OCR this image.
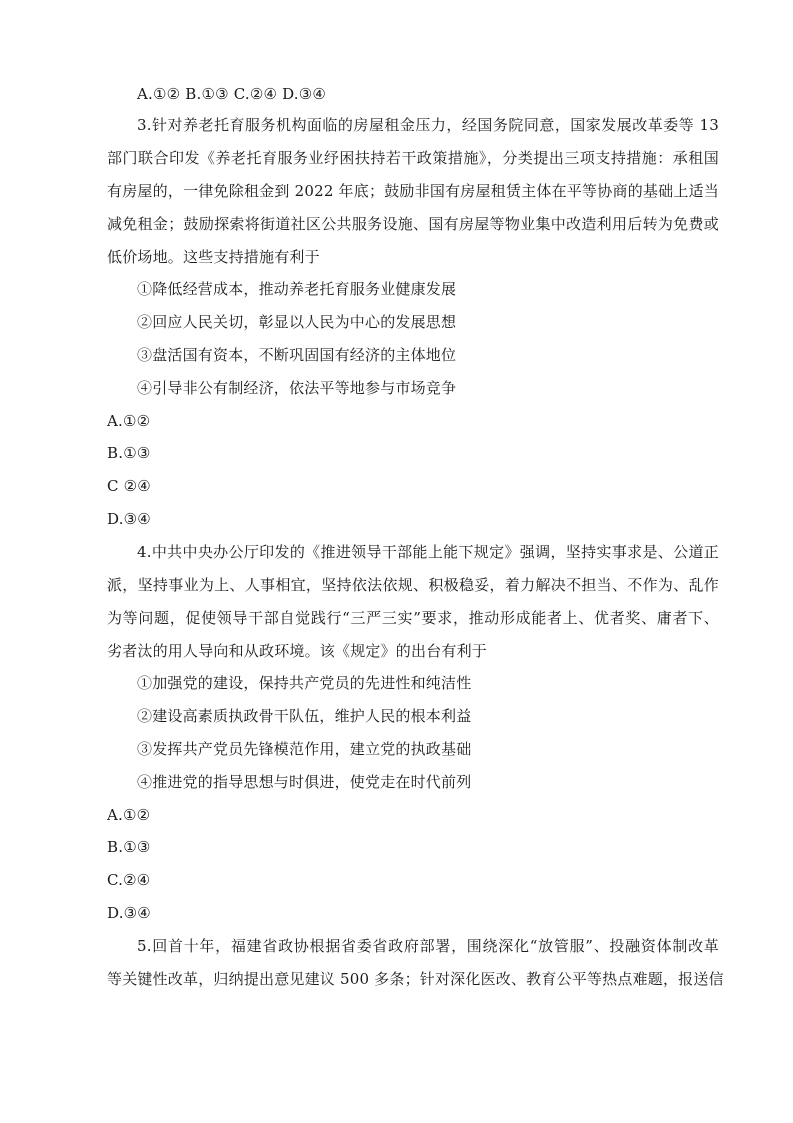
A.①② B.①③ C.②④ D.③④
3.针对养老托育服务机构面临的房屋租金压力，经国务院同意，国家发展改革委等 13
部门联合印发《养老托育服务业纾困扶持若干政策措施》，分类提出三项支持措施：承租国
有房屋的，一律免除租金到 2022 年底；鼓励非国有房屋租赁主体在平等协商的基础上适当
减免租金；鼓励探索将街道社区公共服务设施、国有房屋等物业集中改造利用后转为免费或
低价场地。这些支持措施有利于
①降低经营成本，推动养老托育服务业健康发展
②回应人民关切，彰显以人民为中心的发展思想
③盘活国有资本，不断巩固国有经济的主体地位
④引导非公有制经济，依法平等地参与市场竞争
A.①②
B.①③
C ②④
D.③④
4.中共中央办公厅印发的《推进领导干部能上能下规定》强调，坚持实事求是、公道正
派，坚持事业为上、人事相宜，坚持依法依规、积极稳妥，着力解决不担当、不作为、乱作
为等问题，促使领导干部自觉践行“三严三实”要求，推动形成能者上、优者奖、庸者下、
劣者汰的用人导向和从政环境。该《规定》的出台有利于
①加强党的建设，保持共产党员的先进性和纯洁性
②建设高素质执政骨干队伍，维护人民的根本利益
③发挥共产党员先锋模范作用，建立党的执政基础
④推进党的指导思想与时俱进，使党走在时代前列
A.①②
B.①③
C.②④
D.③④
5.回首十年，福建省政协根据省委省政府部署，围绕深化“放管服”、投融资体制改革
等关键性改革，归纳提出意见建议 500 多条；针对深化医改、教育公平等热点难题，报送信
